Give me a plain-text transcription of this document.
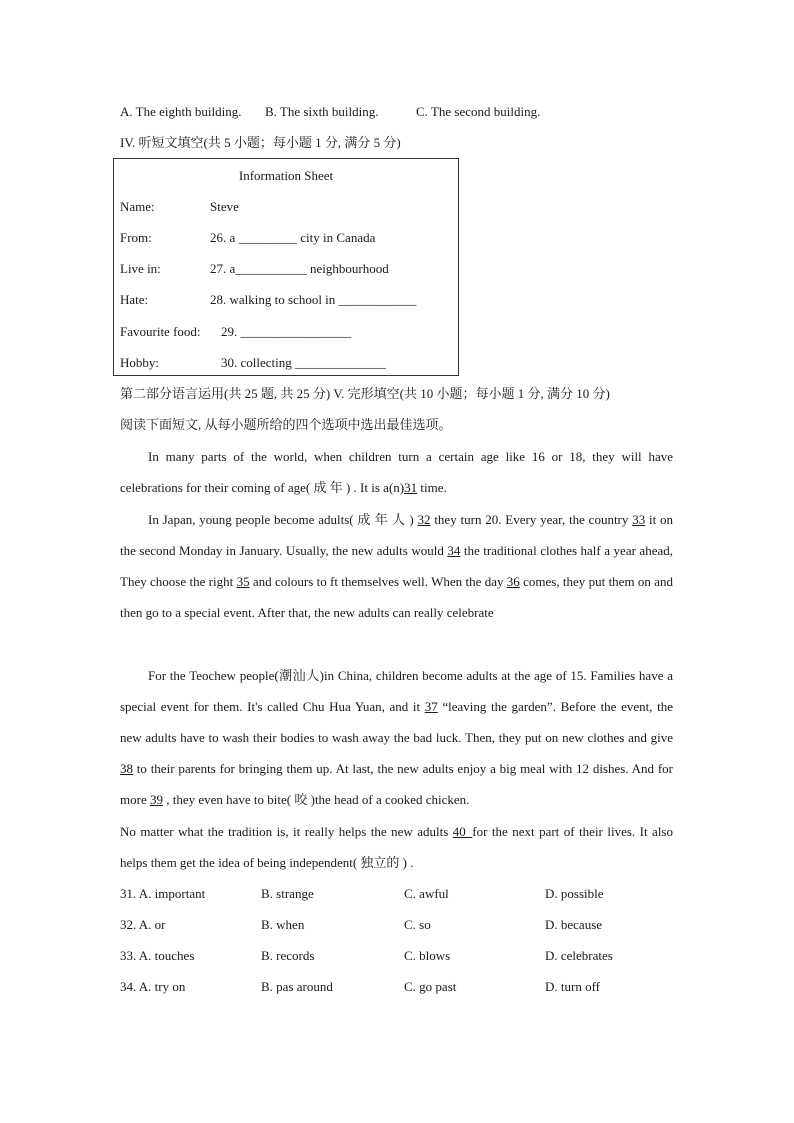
A. The eighth building. B. The sixth building.	C. The second building.
IV. 听短文填空(共 5 小题；每小题 1 分, 满分 5 分)
Information Sheet
Name:	Steve
From:	26. a _________ city in Canada
Live in:	27. a___________ neighbourhood
Hate:	28. walking to school in ____________
Favourite food: 29. _________________
Hobby:	30. collecting ______________
第二部分语言运用(共 25 题, 共 25 分) V. 完形填空(共 10 小题；每小题 1 分, 满分 10 分)
阅读下面短文, 从每小题所给的四个选项中选出最佳选项。
In many parts of the world, when children turn a certain age like 16 or 18, they will have celebrations for their coming of age( 成 年 ) . It is a(n)31 time.
In Japan, young people become adults( 成 年 人 ) 32 they turn 20. Every year, the country 33 it on the second Monday in January. Usually, the new adults would 34 the traditional clothes half a year ahead, They choose the right 35 and colours to ft themselves well. When the day 36 comes, they put them on and then go to a special event. After that, the new adults can really celebrate
For the Teochew people(潮汕人)in China, children become adults at the age of 15. Families have a special event for them. It's called Chu Hua Yuan, and it 37 “leaving the garden”. Before the event, the new adults have to wash their bodies to wash away the bad luck. Then, they put on new clothes and give 38 to their parents for bringing them up. At last, the new adults enjoy a big meal with 12 dishes. And for more 39 , they even have to bite( 咬 )the head of a cooked chicken.
No matter what the tradition is, it really helps the new adults 40_for the next part of their lives. It also helps them get the idea of being independent( 独立的 ) .
31. A. important	B. strange	C. awful	D. possible
32. A. or	B. when	C. so	D. because
33. A. touches	B. records	C. blows	D. celebrates
34. A. try on	B. pas around	C. go past	D. turn off
